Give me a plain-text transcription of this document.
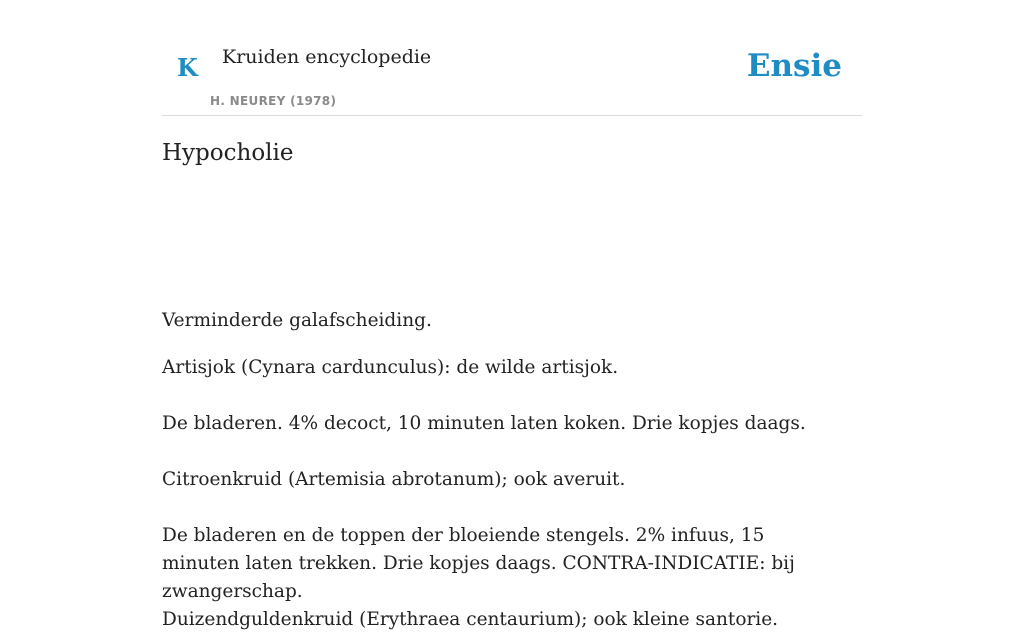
K Kruiden encyclopedie
H. NEUREY (1978)
Ensie
Hypocholie

Verminderde galafscheiding.

Artisjok (Cynara cardunculus): de wilde artisjok.

De bladeren. 4% decoct, 10 minuten laten koken. Drie kopjes daags.

Citroenkruid (Artemisia abrotanum); ook averuit.

De bladeren en de toppen der bloeiende stengels. 2% infuus, 15 minuten laten trekken. Drie kopjes daags. CONTRA-INDICATIE: bij zwangerschap.

Duizendguldenkruid (Erythraea centaurium); ook kleine santorie.
